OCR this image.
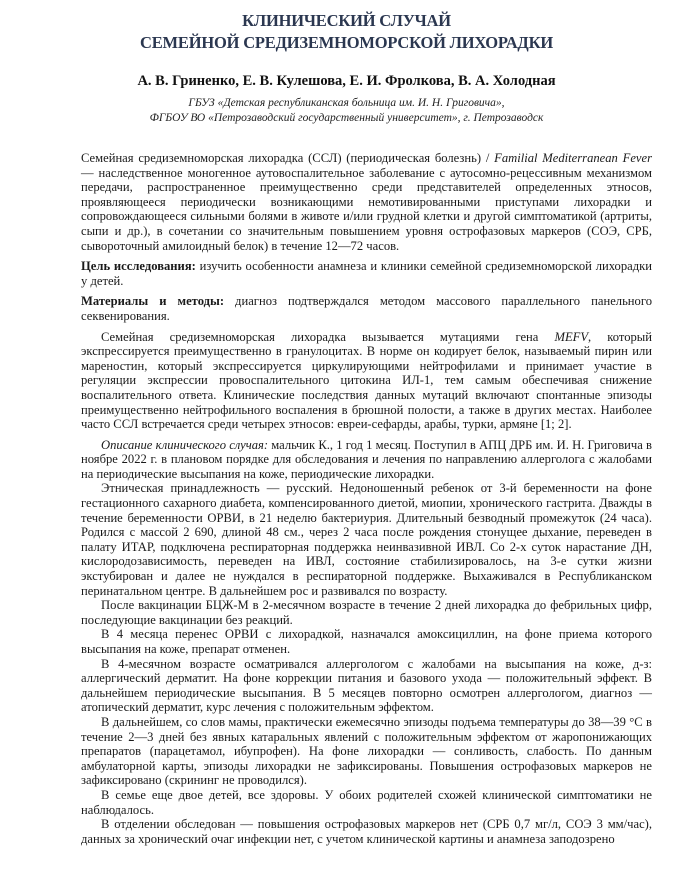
КЛИНИЧЕСКИЙ СЛУЧАЙ
СЕМЕЙНОЙ СРЕДИЗЕМНОМОРСКОЙ ЛИХОРАДКИ
А. В. Гриненко, Е. В. Кулешова, Е. И. Фролкова, В. А. Холодная
ГБУЗ «Детская республиканская больница им. И. Н. Григовича»,
ФГБОУ ВО «Петрозаводский государственный университет», г. Петрозаводск

Семейная средиземноморская лихорадка (ССЛ) (периодическая болезнь) / Familial Mediterranean Fever — наследственное моногенное аутовоспалительное заболевание с аутосомно-рецессивным механизмом передачи, распространенное преимущественно среди представителей определенных этносов, проявляющееся периодически возникающими немотивированными приступами лихорадки и сопровождающееся сильными болями в животе и/или грудной клетки и другой симптоматикой (артриты, сыпи и др.), в сочетании со значительным повышением уровня острофазовых маркеров (СОЭ, СРБ, сывороточный амилоидный белок) в течение 12—72 часов.

Цель исследования: изучить особенности анамнеза и клиники семейной средиземноморской лихорадки у детей.

Материалы и методы: диагноз подтверждался методом массового параллельного панельного секвенирования.

Семейная средиземноморская лихорадка вызывается мутациями гена MEFV, который экспрессируется преимущественно в гранулоцитах. В норме он кодирует белок, называемый пирин или мареностин, который экспрессируется циркулирующими нейтрофилами и принимает участие в регуляции экспрессии провоспалительного цитокина ИЛ-1, тем самым обеспечивая снижение воспалительного ответа. Клинические последствия данных мутаций включают спонтанные эпизоды преимущественно нейтрофильного воспаления в брюшной полости, а также в других местах. Наиболее часто ССЛ встречается среди четырех этносов: евреи-сефарды, арабы, турки, армяне [1; 2].

Описание клинического случая: мальчик К., 1 год 1 месяц. Поступил в АПЦ ДРБ им. И. Н. Григовича в ноябре 2022 г. в плановом порядке для обследования и лечения по направлению аллерголога с жалобами на периодические высыпания на коже, периодические лихорадки.

Этническая принадлежность — русский. Недоношенный ребенок от 3-й беременности на фоне гестационного сахарного диабета, компенсированного диетой, миопии, хронического гастрита. Дважды в течение беременности ОРВИ, в 21 неделю бактериурия. Длительный безводный промежуток (24 часа). Родился с массой 2 690, длиной 48 см., через 2 часа после рождения стонущее дыхание, переведен в палату ИТАР, подключена респираторная поддержка неинвазивной ИВЛ. Со 2-х суток нарастание ДН, кислородозависимость, переведен на ИВЛ, состояние стабилизировалось, на 3-е сутки жизни экстубирован и далее не нуждался в респираторной поддержке. Выхаживался в Республиканском перинатальном центре. В дальнейшем рос и развивался по возрасту.

После вакцинации БЦЖ-М в 2-месячном возрасте в течение 2 дней лихорадка до фебрильных цифр, последующие вакцинации без реакций.

В 4 месяца перенес ОРВИ с лихорадкой, назначался амоксициллин, на фоне приема которого высыпания на коже, препарат отменен.

В 4-месячном возрасте осматривался аллергологом с жалобами на высыпания на коже, д-з: аллергический дерматит. На фоне коррекции питания и базового ухода — положительный эффект. В дальнейшем периодические высыпания. В 5 месяцев повторно осмотрен аллергологом, диагноз — атопический дерматит, курс лечения с положительным эффектом.

В дальнейшем, со слов мамы, практически ежемесячно эпизоды подъема температуры до 38—39 °С в течение 2—3 дней без явных катаральных явлений с положительным эффектом от жаропонижающих препаратов (парацетамол, ибупрофен). На фоне лихорадки — сонливость, слабость. По данным амбулаторной карты, эпизоды лихорадки не зафиксированы. Повышения острофазовых маркеров не зафиксировано (скрининг не проводился).

В семье еще двое детей, все здоровы. У обоих родителей схожей клинической симптоматики не наблюдалось.

В отделении обследован — повышения острофазовых маркеров нет (СРБ 0,7 мг/л, СОЭ 3 мм/час), данных за хронический очаг инфекции нет, с учетом клинической картины и анамнеза заподозрено
